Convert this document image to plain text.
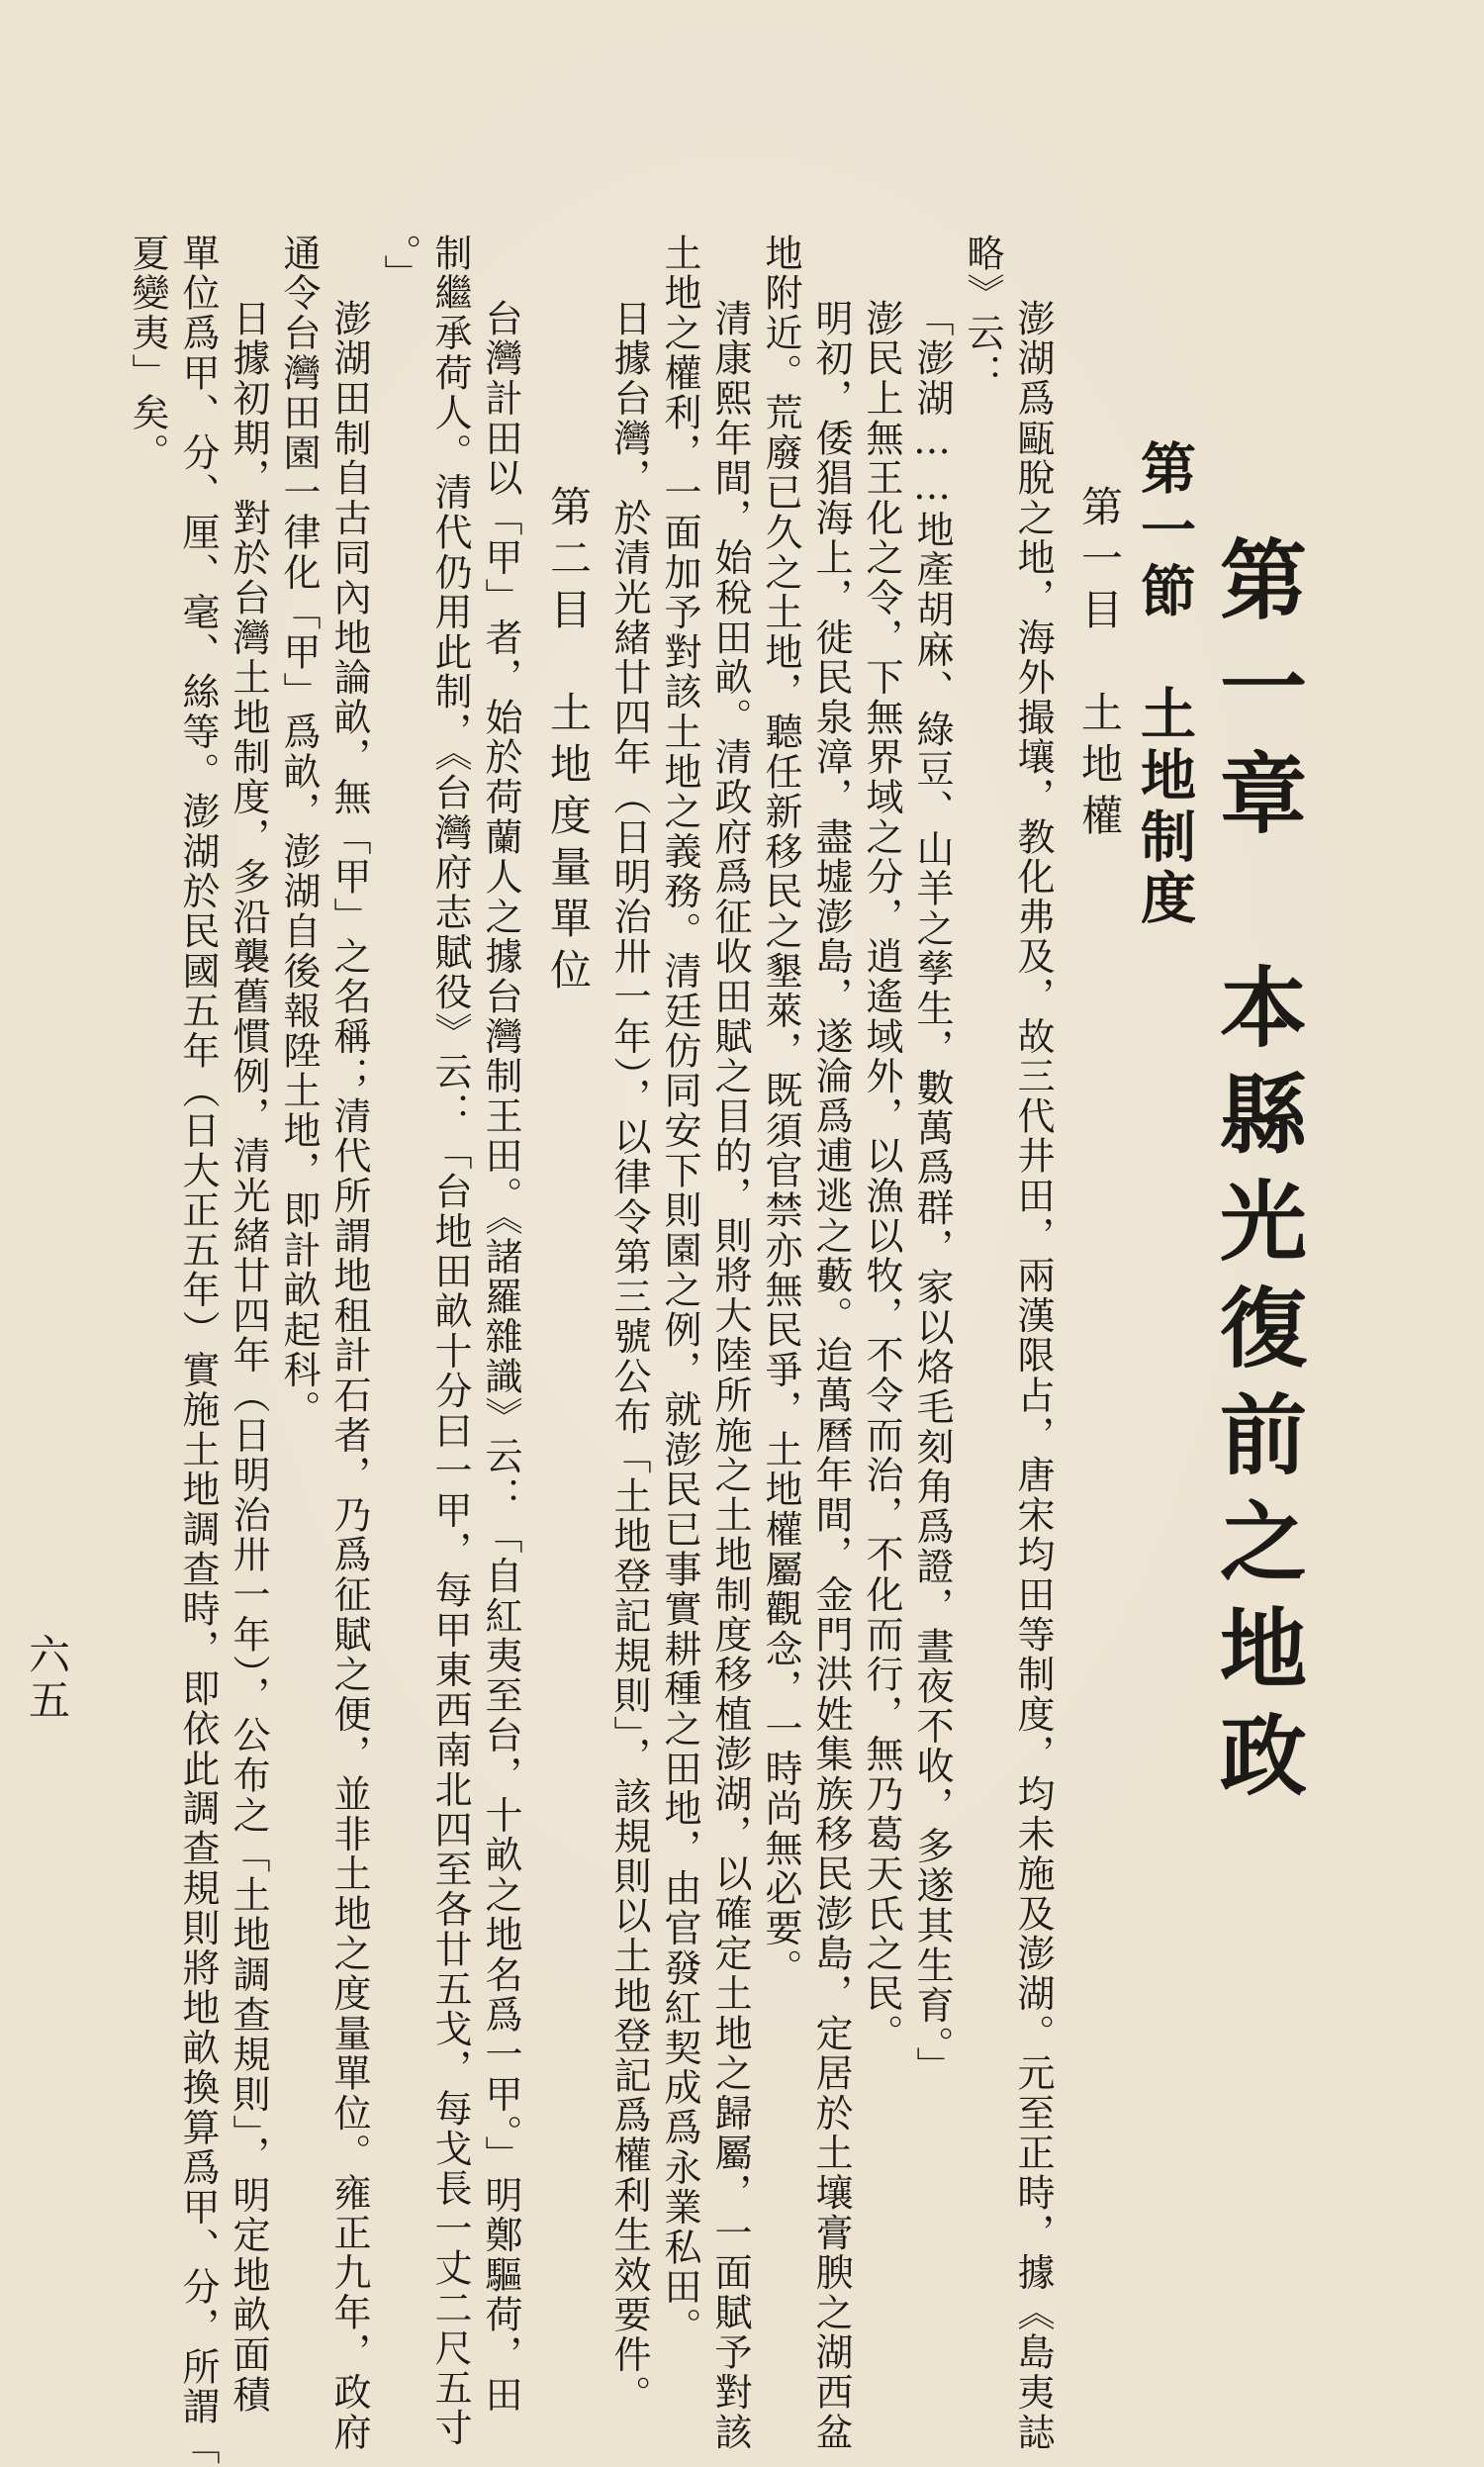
第一章　本縣光復前之地政
第一節　土地制度
第一目　土地權
澎湖爲甌脫之地，海外撮壤，教化弗及，故三代井田，兩漢限占，唐宋均田等制度，均未施及澎湖。元至正時，據《島夷誌
略》云：
「澎湖……地產胡麻、綠豆、山羊之孳生，數萬爲群，家以烙毛刻角爲證，晝夜不收，多遂其生育。」
澎民上無王化之令，下無界域之分，逍遙域外，以漁以牧，不令而治，不化而行，無乃葛天氏之民。
明初，倭猖海上，徙民泉漳，盡墟澎島，遂淪爲逋逃之藪。迨萬曆年間，金門洪姓集族移民澎島，定居於土壤膏腴之湖西盆
地附近。荒廢已久之土地，聽任新移民之墾萊，既須官禁亦無民爭，土地權屬觀念，一時尚無必要。
清康熙年間，始稅田畝。清政府爲征收田賦之目的，則將大陸所施之土地制度移植澎湖，以確定土地之歸屬，一面賦予對該
土地之權利，一面加予對該土地之義務。清廷仿同安下則園之例，就澎民已事實耕種之田地，由官發紅契成爲永業私田。
日據台灣，於清光緒廿四年（日明治卅一年），以律令第三號公布「土地登記規則」，該規則以土地登記爲權利生效要件。
第二目　土地度量單位
台灣計田以「甲」者，始於荷蘭人之據台灣制王田。《諸羅雜識》云：「自紅夷至台，十畝之地名爲一甲。」明鄭驅荷，田
制繼承荷人。清代仍用此制，《台灣府志賦役》云：「台地田畝十分曰一甲，每甲東西南北四至各廿五戈，每戈長一丈二尺五寸
。」
澎湖田制自古同內地論畝，無「甲」之名稱；清代所謂地租計石者，乃爲征賦之便，並非土地之度量單位。雍正九年，政府
通令台灣田園一律化「甲」爲畝，澎湖自後報陞土地，即計畝起科。
日據初期，對於台灣土地制度，多沿襲舊慣例，清光緒廿四年（日明治卅一年），公布之「土地調查規則」，明定地畝面積
單位爲甲、分、厘、毫、絲等。澎湖於民國五年（日大正五年）實施土地調查時，即依此調查規則將地畝換算爲甲、分，所謂「
夏變夷」矣。
六五
